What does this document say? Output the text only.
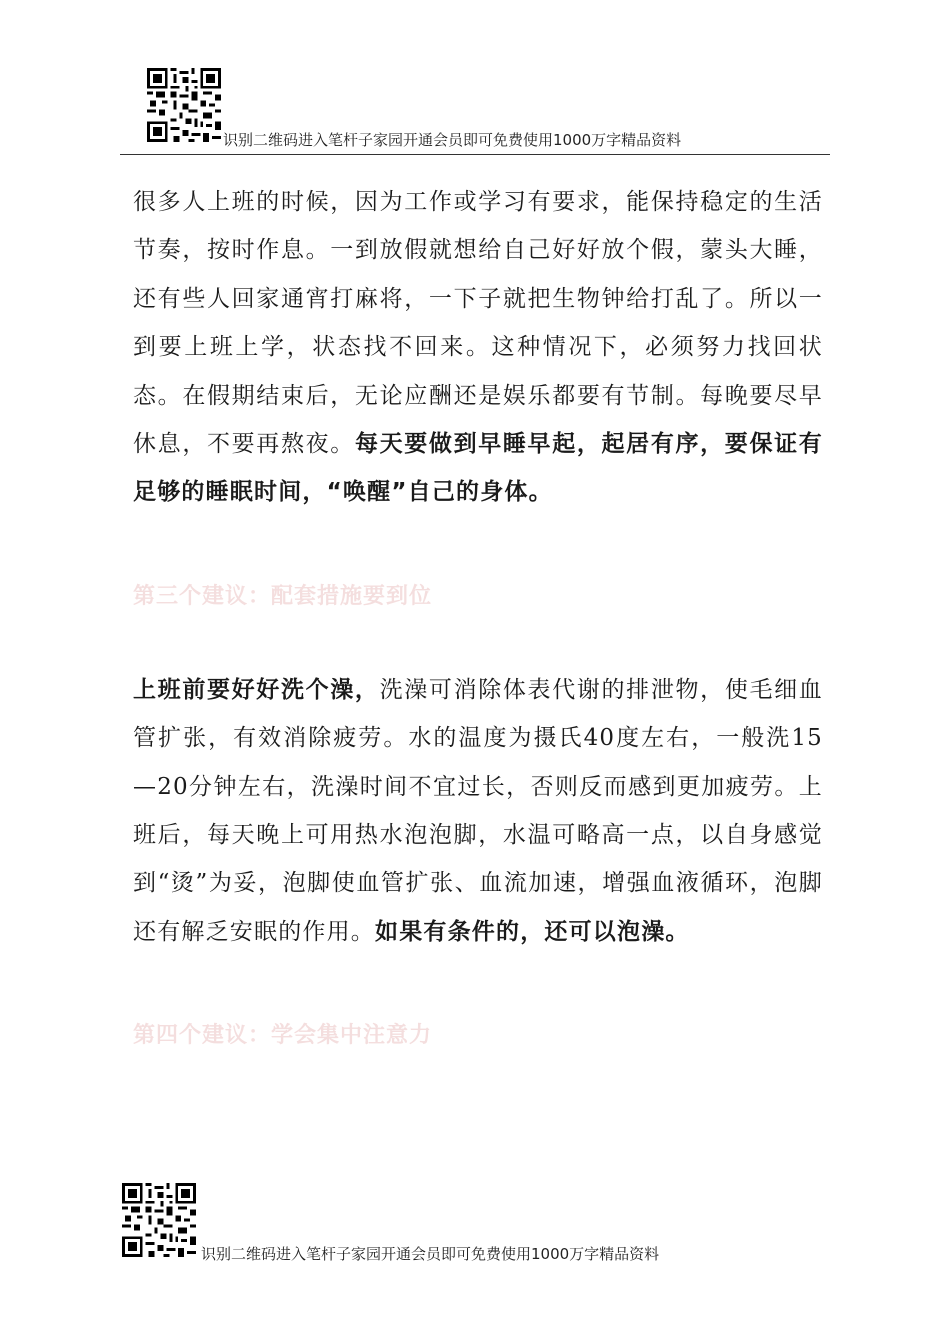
识别二维码进入笔杆子家园开通会员即可免费使用1000万字精品资料

很多人上班的时候，因为工作或学习有要求，能保持稳定的生活节奏，按时作息。一到放假就想给自己好好放个假，蒙头大睡，还有些人回家通宵打麻将，一下子就把生物钟给打乱了。所以一到要上班上学，状态找不回来。这种情况下，必须努力找回状态。在假期结束后，无论应酬还是娱乐都要有节制。每晚要尽早休息，不要再熬夜。每天要做到早睡早起，起居有序，要保证有足够的睡眠时间，“唤醒”自己的身体。

第三个建议：配套措施要到位

上班前要好好洗个澡，洗澡可消除体表代谢的排泄物，使毛细血管扩张，有效消除疲劳。水的温度为摄氏40度左右，一般洗15—20分钟左右，洗澡时间不宜过长，否则反而感到更加疲劳。上班后，每天晚上可用热水泡泡脚，水温可略高一点，以自身感觉到“烫”为妥，泡脚使血管扩张、血流加速，增强血液循环，泡脚还有解乏安眠的作用。如果有条件的，还可以泡澡。

第四个建议：学会集中注意力

识别二维码进入笔杆子家园开通会员即可免费使用1000万字精品资料
